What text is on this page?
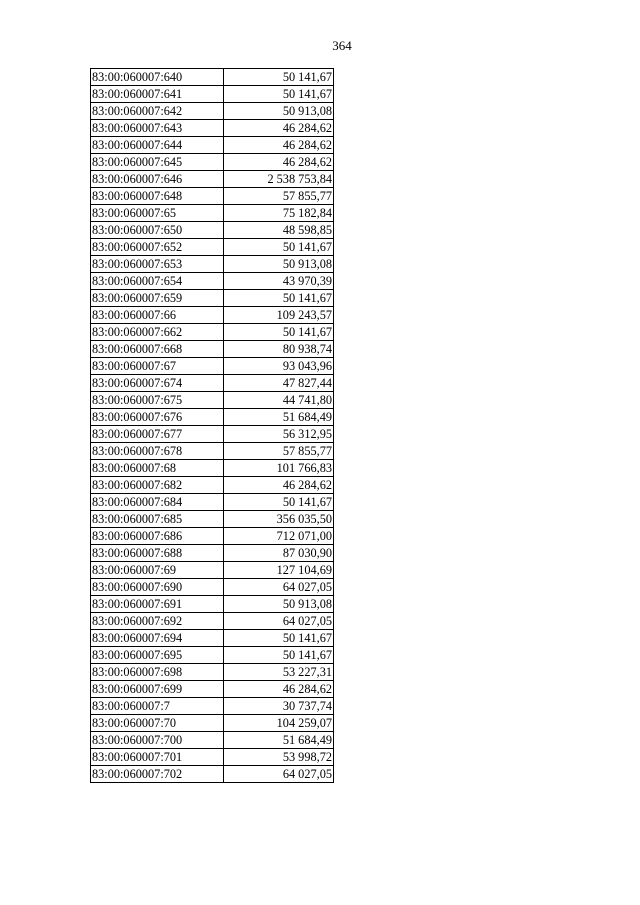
364
83:00:060007:640	50 141,67
83:00:060007:641	50 141,67
83:00:060007:642	50 913,08
83:00:060007:643	46 284,62
83:00:060007:644	46 284,62
83:00:060007:645	46 284,62
83:00:060007:646	2 538 753,84
83:00:060007:648	57 855,77
83:00:060007:65	75 182,84
83:00:060007:650	48 598,85
83:00:060007:652	50 141,67
83:00:060007:653	50 913,08
83:00:060007:654	43 970,39
83:00:060007:659	50 141,67
83:00:060007:66	109 243,57
83:00:060007:662	50 141,67
83:00:060007:668	80 938,74
83:00:060007:67	93 043,96
83:00:060007:674	47 827,44
83:00:060007:675	44 741,80
83:00:060007:676	51 684,49
83:00:060007:677	56 312,95
83:00:060007:678	57 855,77
83:00:060007:68	101 766,83
83:00:060007:682	46 284,62
83:00:060007:684	50 141,67
83:00:060007:685	356 035,50
83:00:060007:686	712 071,00
83:00:060007:688	87 030,90
83:00:060007:69	127 104,69
83:00:060007:690	64 027,05
83:00:060007:691	50 913,08
83:00:060007:692	64 027,05
83:00:060007:694	50 141,67
83:00:060007:695	50 141,67
83:00:060007:698	53 227,31
83:00:060007:699	46 284,62
83:00:060007:7	30 737,74
83:00:060007:70	104 259,07
83:00:060007:700	51 684,49
83:00:060007:701	53 998,72
83:00:060007:702	64 027,05
